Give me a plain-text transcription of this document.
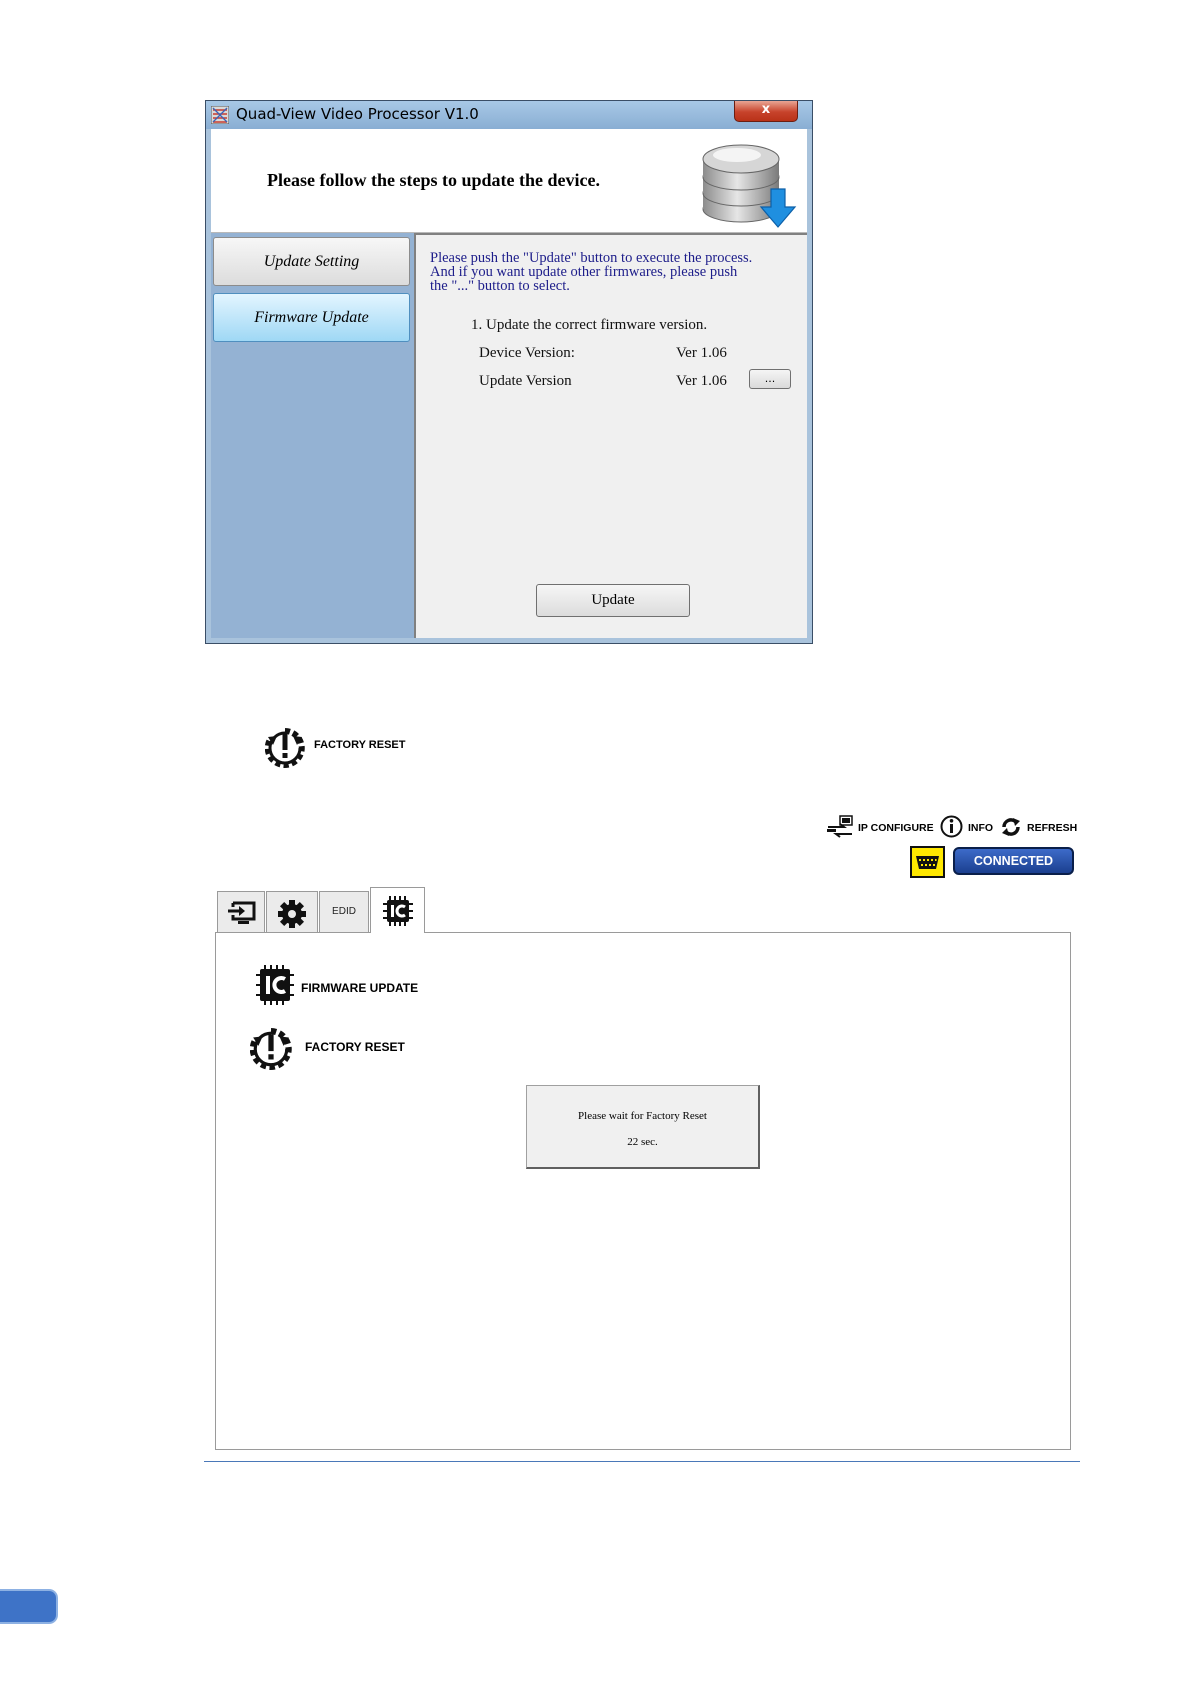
Quad-View Video Processor V1.0	x
Please follow the steps to update the device.
Update Setting
Firmware Update
Please push the "Update" button to execute the process.
And if you want update other firmwares, please push
the "..." button to select.
1. Update the correct firmware version.
Device Version:	Ver 1.06
Update Version	Ver 1.06	...
Update
FACTORY RESET
IP CONFIGURE	INFO	REFRESH
CONNECTED
EDID
FIRMWARE UPDATE
FACTORY RESET
Please wait for Factory Reset
22 sec.
